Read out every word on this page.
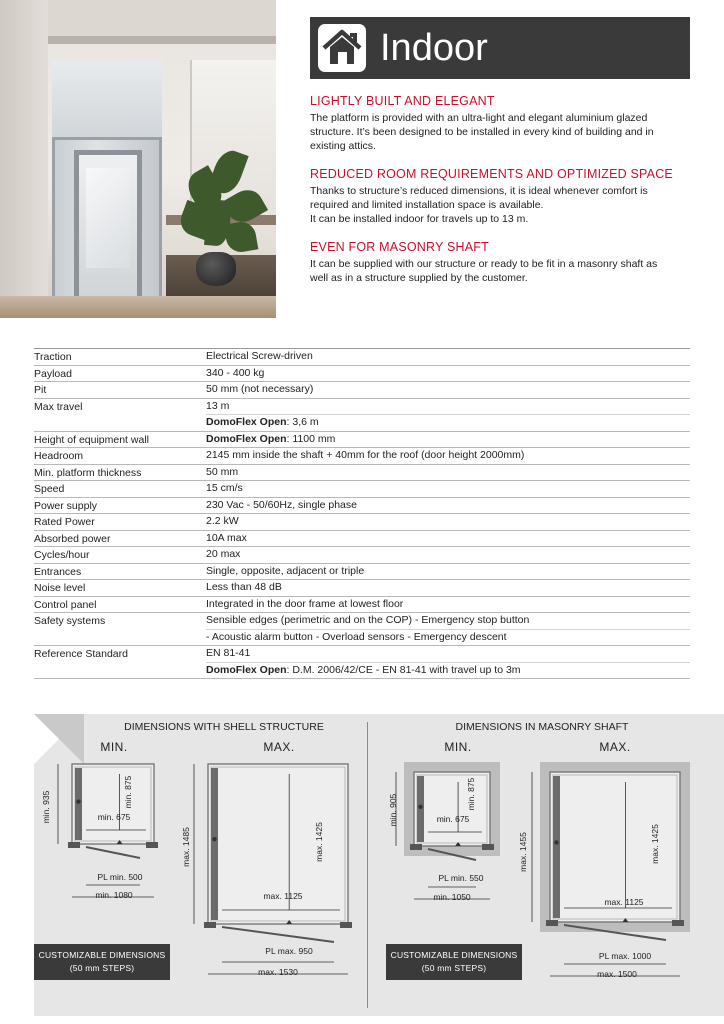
Indoor
LIGHTLY BUILT AND ELEGANT

The platform is provided with an ultra-light and elegant aluminium glazed
structure. It’s been designed to be installed in every kind of building and in
existing attics.

REDUCED ROOM REQUIREMENTS AND OPTIMIZED SPACE

Thanks to structure’s reduced dimensions, it is ideal whenever comfort is
required and limited installation space is available.
It can be installed indoor for travels up to 13 m.

EVEN FOR MASONRY SHAFT

It can be supplied with our structure or ready to be fit in a masonry shaft as
well as in a structure supplied by the customer.

Traction	Electrical Screw-driven
Payload	340 - 400 kg
Pit	50 mm (not necessary)
Max travel	13 m
DomoFlex Open: 3,6 m
Height of equipment wall	DomoFlex Open: 1100 mm
Headroom	2145 mm inside the shaft + 40mm for the roof (door height 2000mm)
Min. platform thickness	50 mm
Speed	15 cm/s
Power supply	230 Vac - 50/60Hz, single phase
Rated Power	2.2 kW
Absorbed power	10A max
Cycles/hour	20 max
Entrances	Single, opposite, adjacent or triple
Noise level	Less than 48 dB
Control panel	Integrated in the door frame at lowest floor
Safety systems	Sensible edges (perimetric and on the COP) - Emergency stop button
- Acoustic alarm button - Overload sensors - Emergency descent
Reference Standard	EN 81-41
DomoFlex Open: D.M. 2006/42/CE - EN 81-41 with travel up to 3m
DIMENSIONS WITH SHELL STRUCTURE
MIN.	MAX.
DIMENSIONS IN MASONRY SHAFT
MIN.	MAX.
CUSTOMIZABLE DIMENSIONS
(50 mm STEPS)
CUSTOMIZABLE DIMENSIONS
(50 mm STEPS)
min. 935	min. 875
min. 675
PL min. 500
min. 1080
max. 1485	max. 1425
max. 1125
PL max. 950
max. 1530
min. 905	min. 875
min. 675
PL min. 550
min. 1050
max. 1455	max. 1425
max. 1125
PL max. 1000
max. 1500
